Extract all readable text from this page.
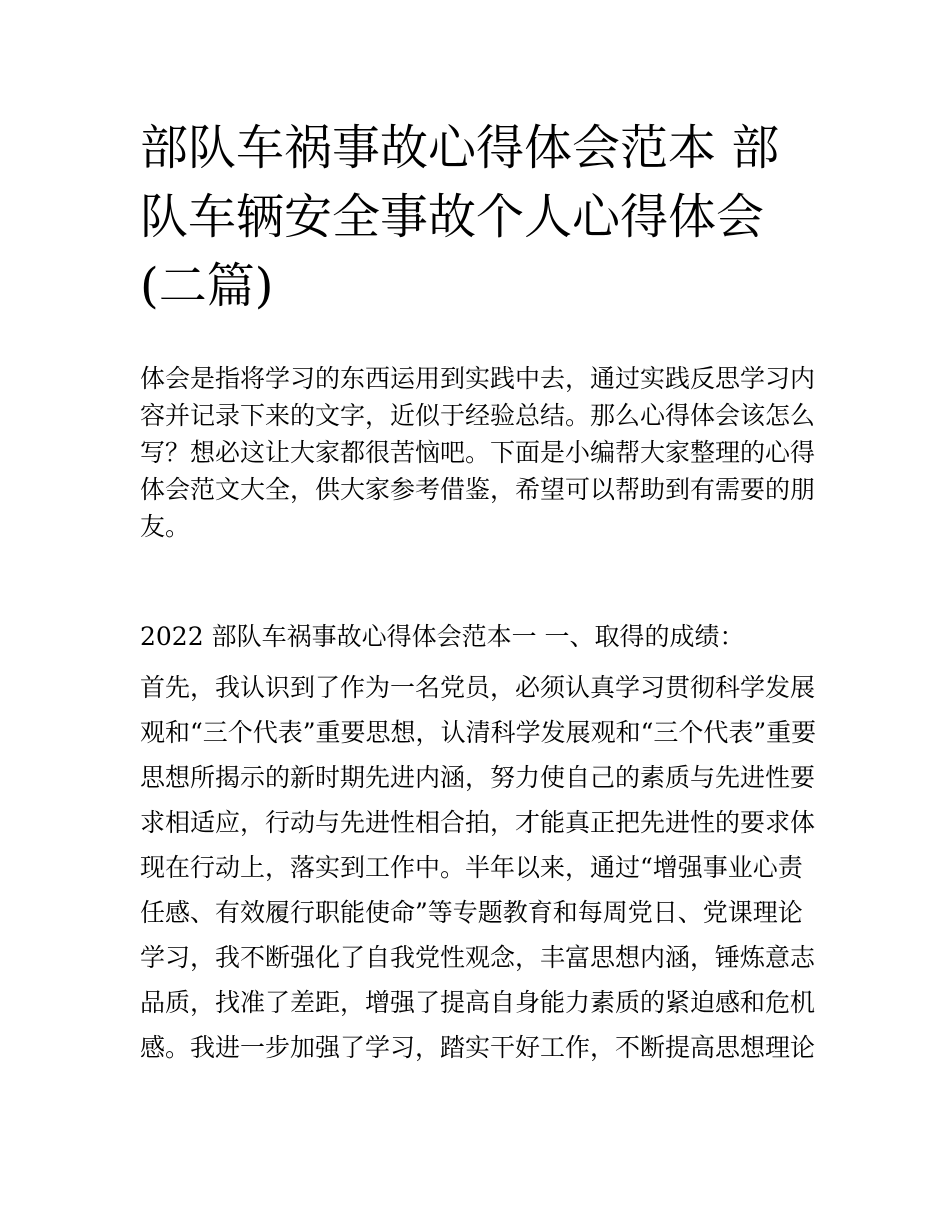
部队车祸事故心得体会范本 部
队车辆安全事故个人心得体会
(二篇)

体会是指将学习的东西运用到实践中去，通过实践反思学习内
容并记录下来的文字，近似于经验总结。那么心得体会该怎么
写？想必这让大家都很苦恼吧。下面是小编帮大家整理的心得
体会范文大全，供大家参考借鉴，希望可以帮助到有需要的朋
友。

2022 部队车祸事故心得体会范本一 一、取得的成绩：

首先，我认识到了作为一名党员，必须认真学习贯彻科学发展
观和“三个代表”重要思想，认清科学发展观和“三个代表”重要
思想所揭示的新时期先进内涵，努力使自己的素质与先进性要
求相适应，行动与先进性相合拍，才能真正把先进性的要求体
现在行动上，落实到工作中。半年以来，通过“增强事业心责
任感、有效履行职能使命”等专题教育和每周党日、党课理论
学习，我不断强化了自我党性观念，丰富思想内涵，锤炼意志
品质，找准了差距，增强了提高自身能力素质的紧迫感和危机
感。我进一步加强了学习，踏实干好工作，不断提高思想理论
